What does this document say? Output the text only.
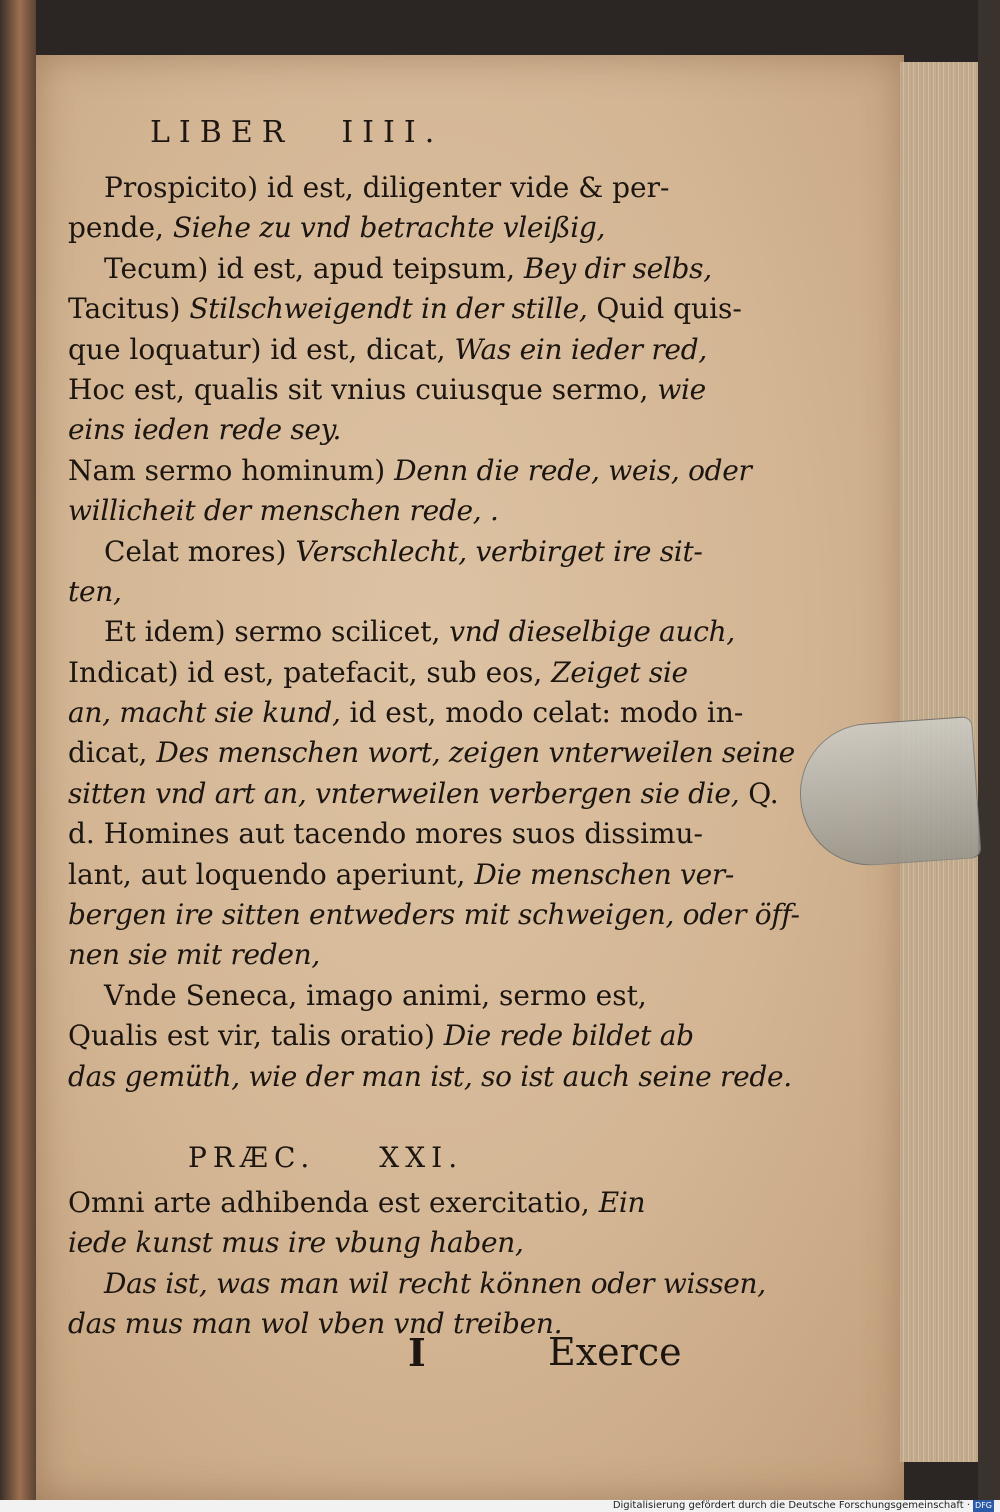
LIBER IIII.
Prospicito) id est, diligenter vide & per-
pende, Siehe zu vnd betrachte vleißig,
Tecum) id est, apud teipsum, Bey dir selbs,
Tacitus) Stilschweigendt in der stille, Quid quis-
que loquatur) id est, dicat, Was ein ieder red,
Hoc est, qualis sit vnius cuiusque sermo, wie
eins ieden rede sey.
Nam sermo hominum) Denn die rede, weis, oder
willicheit der menschen rede, .
Celat mores) Verschlecht, verbirget ire sit-
ten,
Et idem) sermo scilicet, vnd dieselbige auch,
Indicat) id est, patefacit, sub eos, Zeiget sie
an, macht sie kund, id est, modo celat: modo in-
dicat, Des menschen wort, zeigen vnterweilen seine
sitten vnd art an, vnterweilen verbergen sie die, Q.
d. Homines aut tacendo mores suos dissimu-
lant, aut loquendo aperiunt, Die menschen ver-
bergen ire sitten entweders mit schweigen, oder öff-
nen sie mit reden,
Vnde Seneca, imago animi, sermo est,
Qualis est vir, talis oratio) Die rede bildet ab
das gemüth, wie der man ist, so ist auch seine rede.
PRÆC. XXI.
Omni arte adhibenda est exercitatio, Ein
iede kunst mus ire vbung haben,
Das ist, was man wil recht können oder wissen,
das mus man wol vben vnd treiben.
I	Exerce
Digitalisierung gefördert durch die Deutsche Forschungsgemeinschaft · DFG
